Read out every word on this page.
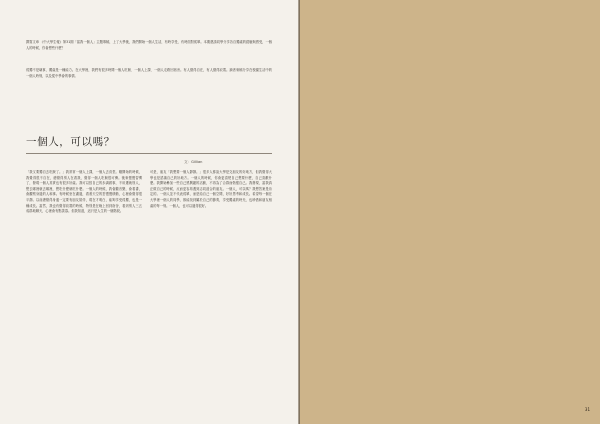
撰寫文章 《中大學生報》第31期「當我一個人」主題專稿，上了大學後，我們開始一個人生活，有時享受，有時面對孤單。本期邀請同學分享各自獨處的經驗與感受，一個人的時候，你會想些什麼？
孤獨不是壞事，獨處是一種能力。在大學裡，我們有很多時間一個人吃飯、一個人上課、一個人走路回宿舍。有人覺得自在，有人覺得寂寞。讀者來稿分享在校園生活中的一個人時刻，以及從中學會的事情。
一個人，可以嗎？
文：Gillian
「我又要獨自去吃飯了。」我常常一個人上課，一個人去食堂。剛開始的時候，我覺得很不自在，總覺得別人在看我，覺得一個人吃飯很可憐。後來慢慢習慣了，發現一個人其實也有很多好處。我可以按自己的步調做事，不用遷就別人，想去哪裡就去哪裡，想吃什麼就吃什麼。一個人的時候，我會聽音樂，會看書，會觀察身邊的人和事。有時候坐在湖邊，看著天空的雲慢慢移動，心裡會覺得很平靜。以前總覺得身邊一定要有朋友陪伴，現在才明白，能夠享受孤獨，也是一種成長。當然，我也有覺得寂寞的時候，特別是在晚上回到宿舍，看到別人三五成群地聊天，心裡會有點羨慕。但我知道，這只是人生的一個階段。
可是，朋友「我想要一個人靜靜。」很多人都說大學是交朋友的好地方，但我覺得大學也是認識自己的好地方。一個人的時候，你會更清楚自己想要什麼，自己喜歡什麼。我開始參加一些自己感興趣的活動，不再為了合群而勉強自己。我發現，當我真正做自己的時候，反而更容易遇到志同道合的朋友。一個人，可以嗎？我想答案是肯定的。一個人並不代表孤單，而是給自己一個空間，好好思考和成長。希望每一個在大學裡一個人的同學，都能找到屬於自己的節奏，享受獨處的時光，也珍惜和朋友相處的每一刻。一個人，也可以過得很好。
31
